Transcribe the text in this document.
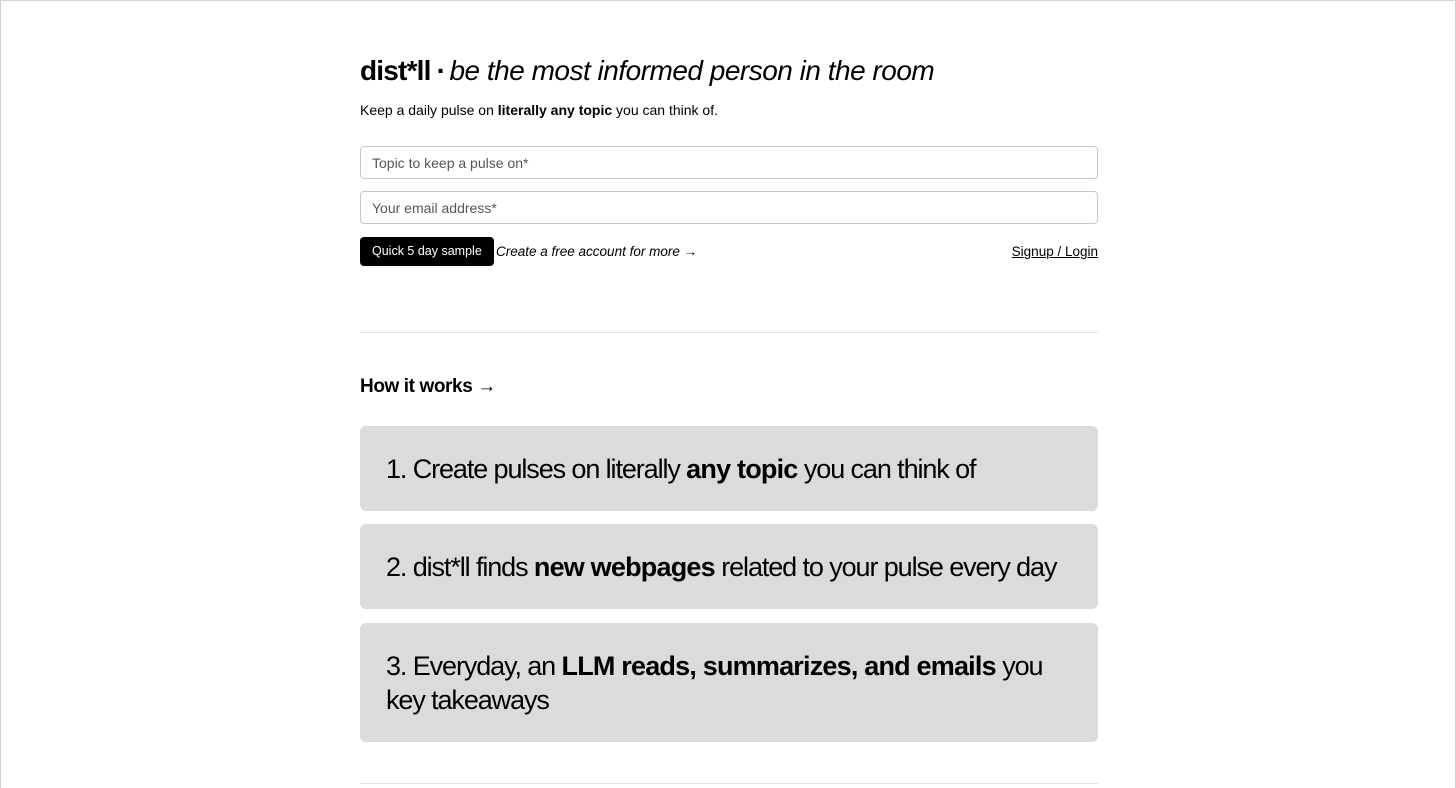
dist*ll · be the most informed person in the room

Keep a daily pulse on literally any topic you can think of.

Topic to keep a pulse on*
Your email address*
Quick 5 day sample	Create a free account for more →	Signup / Login
How it works →
1. Create pulses on literally any topic you can think of
2. dist*ll finds new webpages related to your pulse every day
3. Everyday, an LLM reads, summarizes, and emails you key takeaways
